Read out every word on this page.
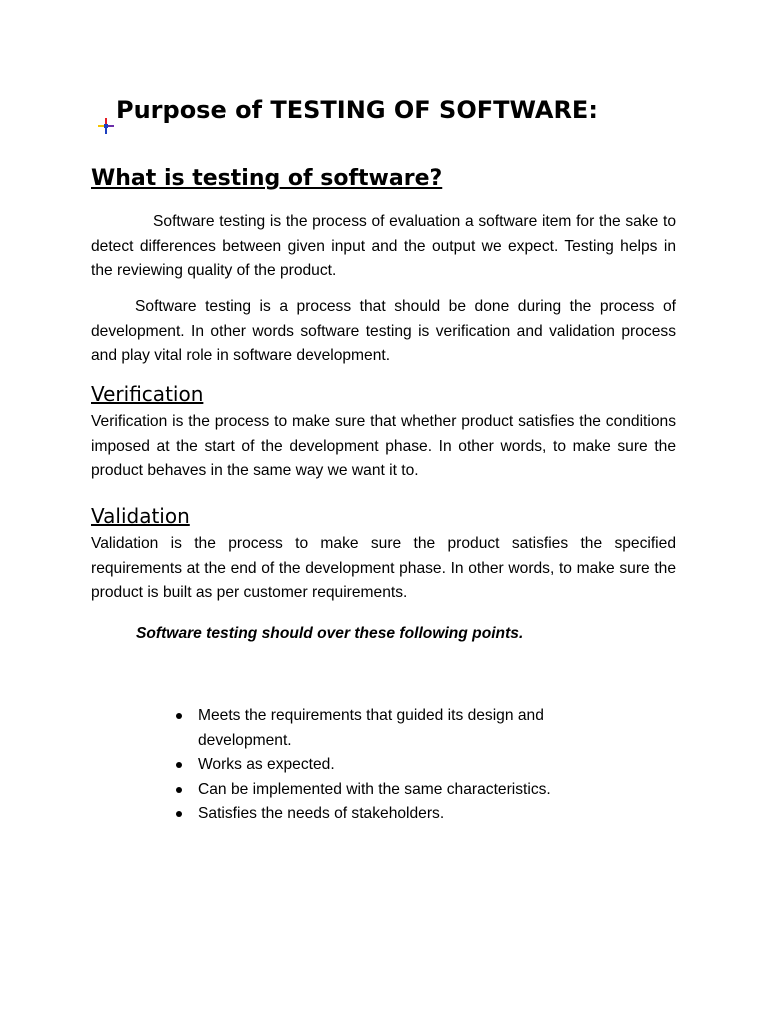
Purpose of TESTING OF SOFTWARE:
What is testing of software?

Software testing is the process of evaluation a software item for the sake to detect differences between given input and the output we expect. Testing helps in the reviewing quality of the product.

Software testing is a process that should be done during the process of development. In other words software testing is verification and validation process and play vital role in software development.

Verification

Verification is the process to make sure that whether product satisfies the conditions imposed at the start of the development phase. In other words, to make sure the product behaves in the same way we want it to.

Validation

Validation is the process to make sure the product satisfies the specified requirements at the end of the development phase. In other words, to make sure the product is built as per customer requirements.

Software testing should over these following points.
Meets the requirements that guided its design and development.
Works as expected.
Can be implemented with the same characteristics.
Satisfies the needs of stakeholders.
